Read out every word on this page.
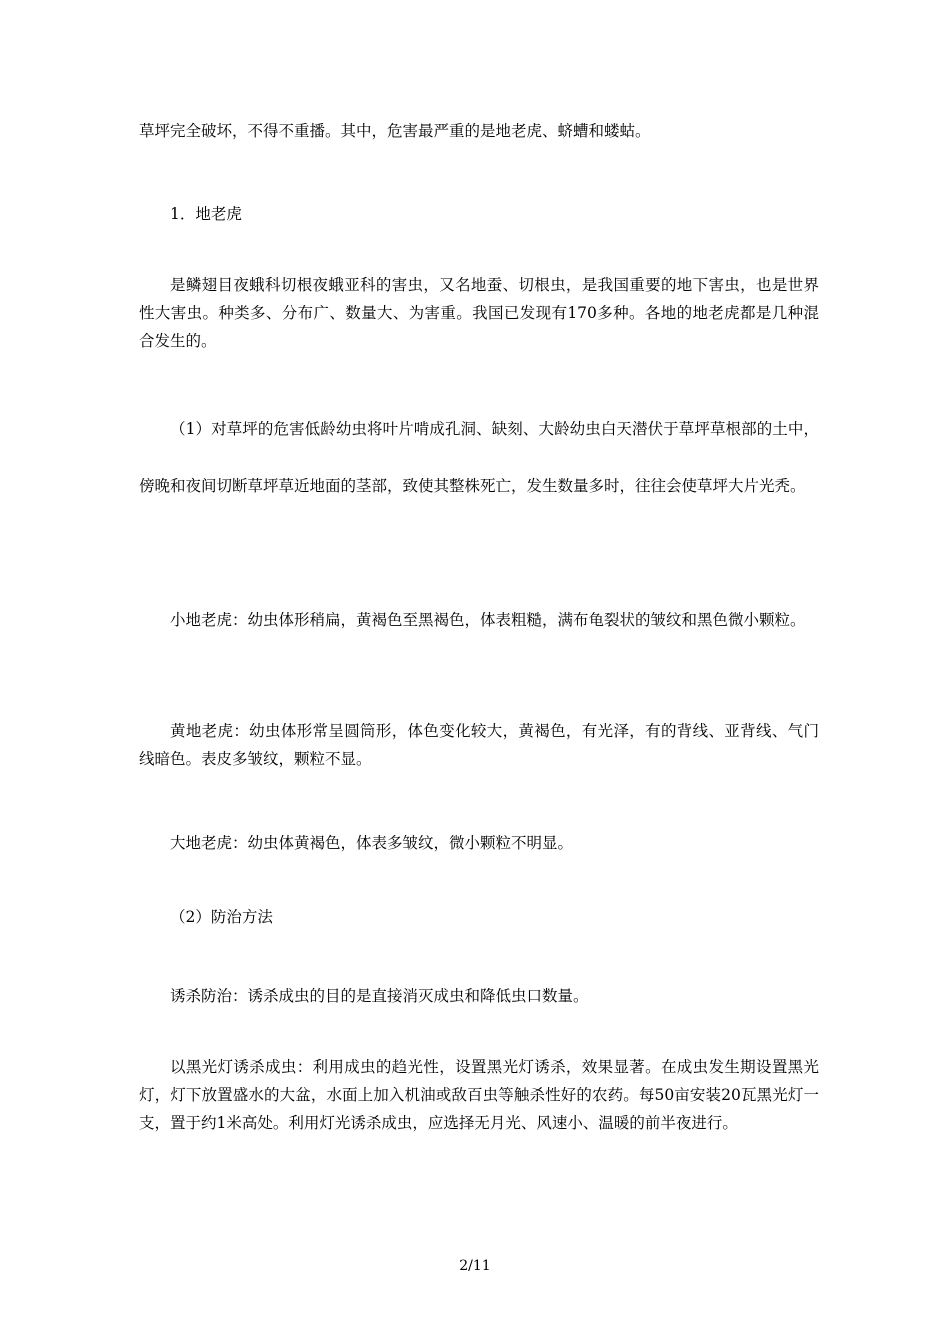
草坪完全破坏，不得不重播。其中，危害最严重的是地老虎、蛴螬和蝼蛄。

1．地老虎

是鳞翅目夜蛾科切根夜蛾亚科的害虫，又名地蚕、切根虫，是我国重要的地下害虫，也是世界性大害虫。种类多、分布广、数量大、为害重。我国已发现有170多种。各地的地老虎都是几种混合发生的。

（1）对草坪的危害低龄幼虫将叶片啃成孔洞、缺刻、大龄幼虫白天潜伏于草坪草根部的土中，傍晚和夜间切断草坪草近地面的茎部，致使其整株死亡，发生数量多时，往往会使草坪大片光秃。

小地老虎：幼虫体形稍扁，黄褐色至黑褐色，体表粗糙，满布龟裂状的皱纹和黑色微小颗粒。

黄地老虎：幼虫体形常呈圆筒形，体色变化较大，黄褐色，有光泽，有的背线、亚背线、气门线暗色。表皮多皱纹，颗粒不显。

大地老虎：幼虫体黄褐色，体表多皱纹，微小颗粒不明显。

（2）防治方法

诱杀防治：诱杀成虫的目的是直接消灭成虫和降低虫口数量。

以黑光灯诱杀成虫：利用成虫的趋光性，设置黑光灯诱杀，效果显著。在成虫发生期设置黑光灯，灯下放置盛水的大盆，水面上加入机油或敌百虫等触杀性好的农药。每50亩安装20瓦黑光灯一支，置于约1米高处。利用灯光诱杀成虫，应选择无月光、风速小、温暖的前半夜进行。

2/11
